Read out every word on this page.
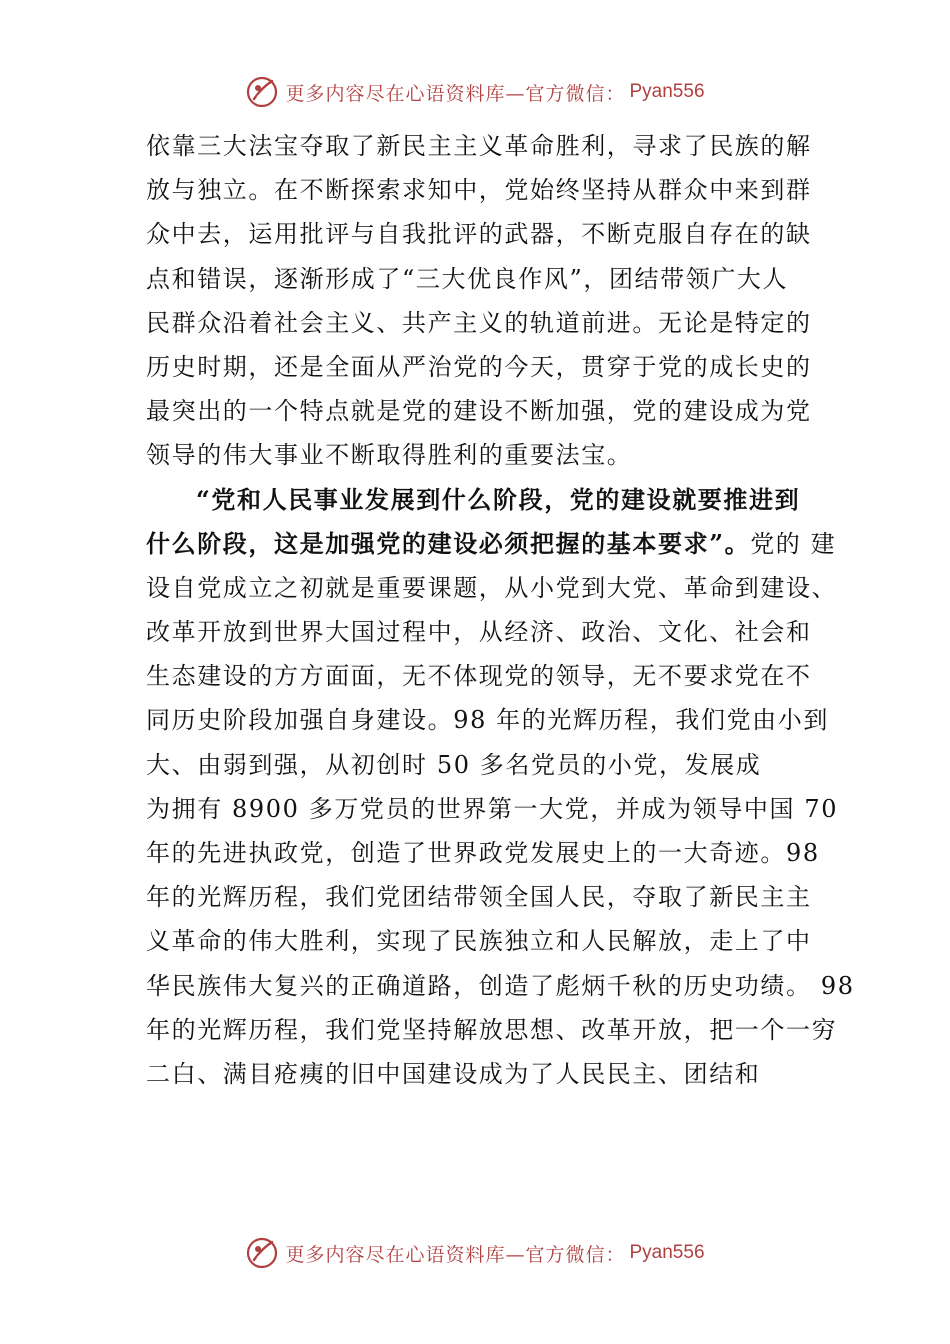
更多内容尽在心语资料库—官方微信： Pyan556
依靠三大法宝夺取了新民主主义革命胜利，寻求了民族的解
放与独立。在不断探索求知中，党始终坚持从群众中来到群
众中去，运用批评与自我批评的武器，不断克服自存在的缺
点和错误，逐渐形成了“三大优良作风”，团结带领广大人
民群众沿着社会主义、共产主义的轨道前进。无论是特定的
历史时期，还是全面从严治党的今天，贯穿于党的成长史的
最突出的一个特点就是党的建设不断加强，党的建设成为党
领导的伟大事业不断取得胜利的重要法宝。
“党和人民事业发展到什么阶段，党的建设就要推进到
什么阶段，这是加强党的建设必须把握的基本要求”。党的 建
设自党成立之初就是重要课题，从小党到大党、革命到建设、
改革开放到世界大国过程中，从经济、政治、文化、社会和
生态建设的方方面面，无不体现党的领导，无不要求党在不
同历史阶段加强自身建设。98 年的光辉历程，我们党由小到
大、由弱到强，从初创时 50 多名党员的小党，发展成
为拥有 8900 多万党员的世界第一大党，并成为领导中国 70
年的先进执政党，创造了世界政党发展史上的一大奇迹。98
年的光辉历程，我们党团结带领全国人民，夺取了新民主主
义革命的伟大胜利，实现了民族独立和人民解放，走上了中
华民族伟大复兴的正确道路，创造了彪炳千秋的历史功绩。 98
年的光辉历程，我们党坚持解放思想、改革开放，把一个一穷
二白、满目疮痍的旧中国建设成为了人民民主、团结和
更多内容尽在心语资料库—官方微信： Pyan556
